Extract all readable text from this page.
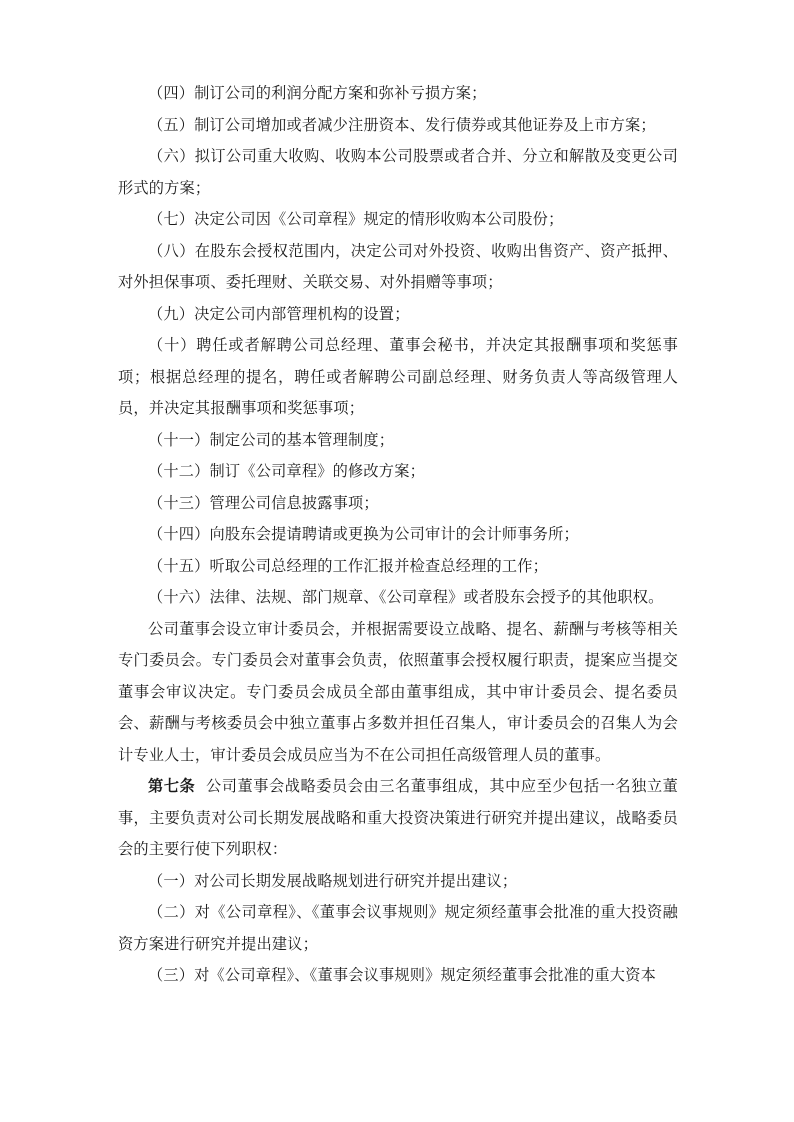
（四）制订公司的利润分配方案和弥补亏损方案；

（五）制订公司增加或者减少注册资本、发行债券或其他证券及上市方案；

（六）拟订公司重大收购、收购本公司股票或者合并、分立和解散及变更公司形式的方案；

（七）决定公司因《公司章程》规定的情形收购本公司股份；

（八）在股东会授权范围内，决定公司对外投资、收购出售资产、资产抵押、对外担保事项、委托理财、关联交易、对外捐赠等事项；

（九）决定公司内部管理机构的设置；

（十）聘任或者解聘公司总经理、董事会秘书，并决定其报酬事项和奖惩事项；根据总经理的提名，聘任或者解聘公司副总经理、财务负责人等高级管理人员，并决定其报酬事项和奖惩事项；

（十一）制定公司的基本管理制度；

（十二）制订《公司章程》的修改方案；

（十三）管理公司信息披露事项；

（十四）向股东会提请聘请或更换为公司审计的会计师事务所；

（十五）听取公司总经理的工作汇报并检查总经理的工作；

（十六）法律、法规、部门规章、《公司章程》或者股东会授予的其他职权。

公司董事会设立审计委员会，并根据需要设立战略、提名、薪酬与考核等相关专门委员会。专门委员会对董事会负责，依照董事会授权履行职责，提案应当提交董事会审议决定。专门委员会成员全部由董事组成，其中审计委员会、提名委员会、薪酬与考核委员会中独立董事占多数并担任召集人，审计委员会的召集人为会计专业人士，审计委员会成员应当为不在公司担任高级管理人员的董事。

第七条 公司董事会战略委员会由三名董事组成，其中应至少包括一名独立董事，主要负责对公司长期发展战略和重大投资决策进行研究并提出建议，战略委员会的主要行使下列职权：

（一）对公司长期发展战略规划进行研究并提出建议；

（二）对《公司章程》、《董事会议事规则》规定须经董事会批准的重大投资融资方案进行研究并提出建议；

（三）对《公司章程》、《董事会议事规则》规定须经董事会批准的重大资本
